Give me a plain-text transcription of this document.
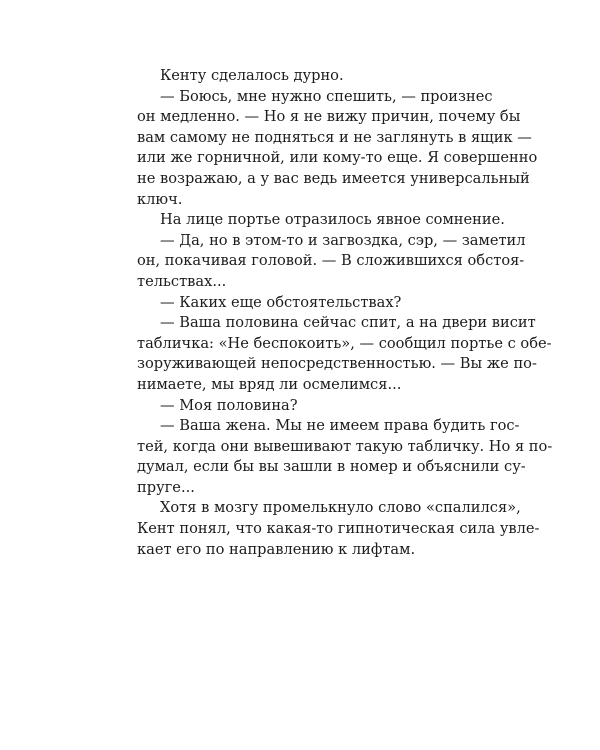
Кенту сделалось дурно.
— Боюсь, мне нужно спешить, — произнес
он медленно. — Но я не вижу причин, почему бы
вам самому не подняться и не заглянуть в ящик —
или же горничной, или кому-то еще. Я совершенно
не возражаю, а у вас ведь имеется универсальный
ключ.
На лице портье отразилось явное сомнение.
— Да, но в этом-то и загвоздка, сэр, — заметил
он, покачивая головой. — В сложившихся обстоя-
тельствах...
— Каких еще обстоятельствах?
— Ваша половина сейчас спит, а на двери висит
табличка: «Не беспокоить», — сообщил портье с обе-
зоруживающей непосредственностью. — Вы же по-
нимаете, мы вряд ли осмелимся...
— Моя половина?
— Ваша жена. Мы не имеем права будить гос-
тей, когда они вывешивают такую табличку. Но я по-
думал, если бы вы зашли в номер и объяснили су-
пруге...
Хотя в мозгу промелькнуло слово «спалился»,
Кент понял, что какая-то гипнотическая сила увле-
кает его по направлению к лифтам.
